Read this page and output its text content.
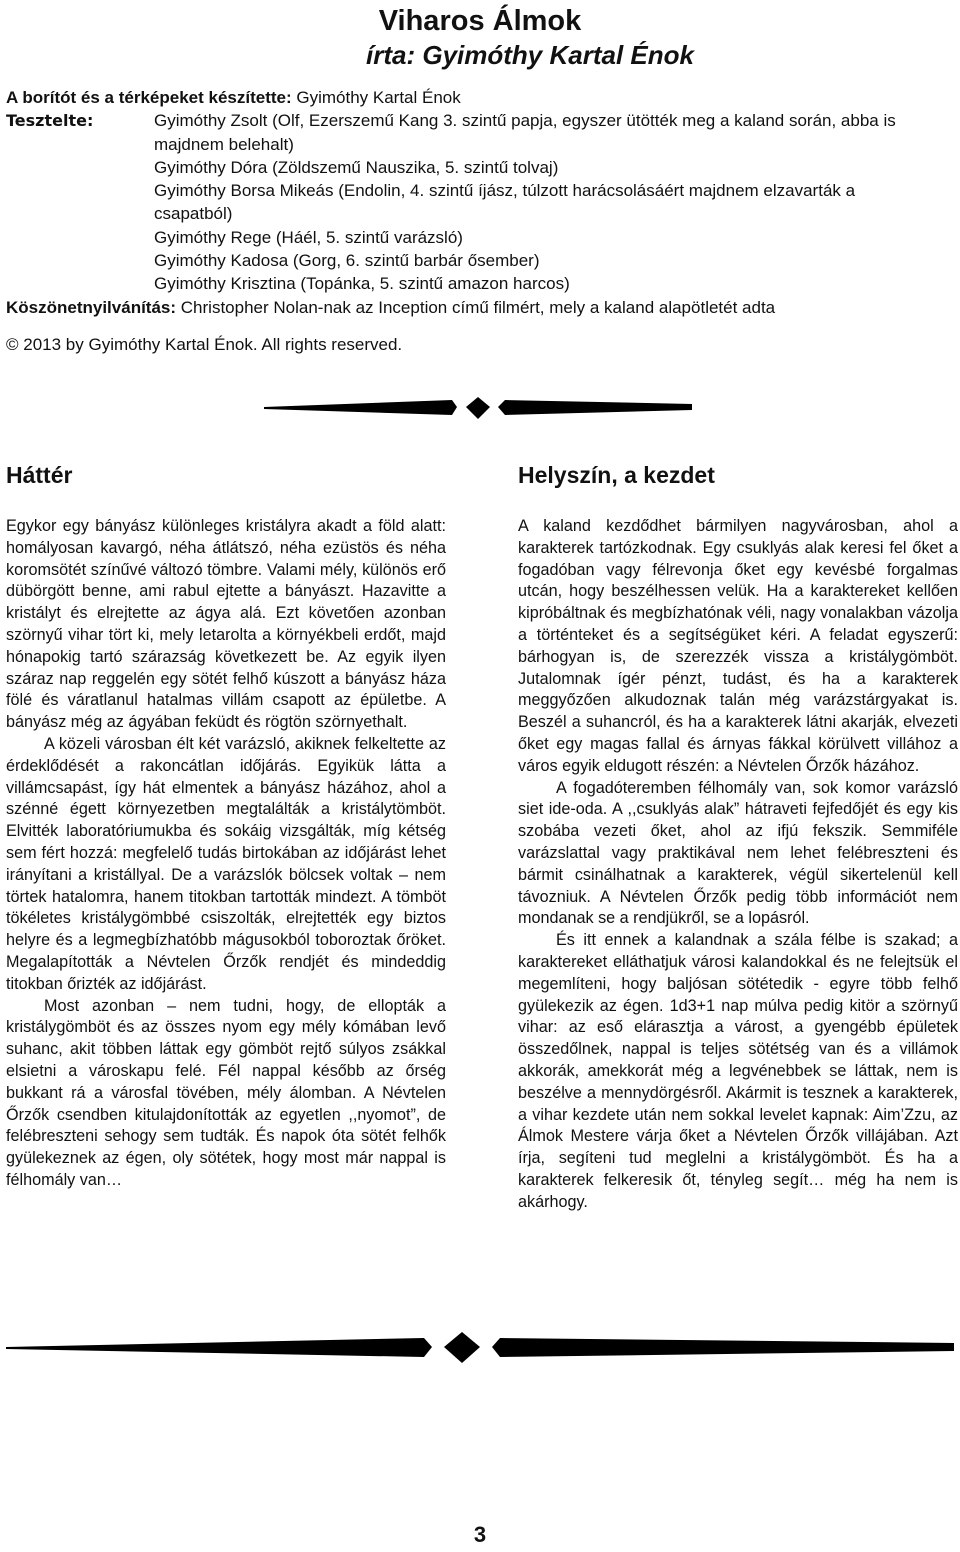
Viharos Álmok
írta: Gyimóthy Kartal Énok
A borítót és a térképeket készítette: Gyimóthy Kartal Énok
Tesztelte:	Gyimóthy Zsolt (Olf, Ezerszemű Kang 3. szintű papja, egyszer ütötték meg a kaland során, abba is majdnem belehalt)
Gyimóthy Dóra (Zöldszemű Nauszika, 5. szintű tolvaj)
Gyimóthy Borsa Mikeás (Endolin, 4. szintű íjász, túlzott harácsolásáért majdnem elzavarták a csapatból)
Gyimóthy Rege (Háél, 5. szintű varázsló)
Gyimóthy Kadosa (Gorg, 6. szintű barbár ősember)
Gyimóthy Krisztina (Topánka, 5. szintű amazon harcos)
Köszönetnyilvánítás: Christopher Nolan-nak az Inception című filmért, mely a kaland alapötletét adta
© 2013 by Gyimóthy Kartal Énok. All rights reserved.
Háttér

Egykor egy bányász különleges kristályra akadt a föld alatt: homályosan kavargó, néha átlátszó, néha ezüstös és néha koromsötét színűvé változó tömbre. Valami mély, különös erő dübörgött benne, ami rabul ejtette a bányászt. Hazavitte a kristályt és elrejtette az ágya alá. Ezt követően azonban szörnyű vihar tört ki, mely letarolta a környékbeli erdőt, majd hónapokig tartó szárazság következett be. Az egyik ilyen száraz nap reggelén egy sötét felhő kúszott a bányász háza fölé és váratlanul hatalmas villám csapott az épületbe. A bányász még az ágyában feküdt és rögtön szörnyethalt.

A közeli városban élt két varázsló, akiknek felkeltette az érdeklődését a rakoncátlan időjárás. Egyikük látta a villámcsapást, így hát elmentek a bányász házához, ahol a szénné égett környezetben megtalálták a kristálytömböt. Elvitték laboratóriumukba és sokáig vizsgálták, míg kétség sem fért hozzá: megfelelő tudás birtokában az időjárást lehet irányítani a kristállyal. De a varázslók bölcsek voltak – nem törtek hatalomra, hanem titokban tartották mindezt. A tömböt tökéletes kristálygömbbé csiszolták, elrejtették egy biztos helyre és a legmegbízhatóbb mágusokból toboroztak őröket. Megalapították a Névtelen Őrzők rendjét és mindeddig titokban őrizték az időjárást.

Most azonban – nem tudni, hogy, de ellopták a kristálygömböt és az összes nyom egy mély kómában levő suhanc, akit többen láttak egy gömböt rejtő súlyos zsákkal elsietni a városkapu felé. Fél nappal később az őrség bukkant rá a városfal tövében, mély álomban. A Névtelen Őrzők csendben kitulajdonították az egyetlen ,,nyomot”, de felébreszteni sehogy sem tudták. És napok óta sötét felhők gyülekeznek az égen, oly sötétek, hogy most már nappal is félhomály van…

Helyszín, a kezdet

A kaland kezdődhet bármilyen nagyvárosban, ahol a karakterek tartózkodnak. Egy csuklyás alak keresi fel őket a fogadóban vagy félrevonja őket egy kevésbé forgalmas utcán, hogy beszélhessen velük. Ha a karaktereket kellően kipróbáltnak és megbízhatónak véli, nagy vonalakban vázolja a történteket és a segítségüket kéri. A feladat egyszerű: bárhogyan is, de szerezzék vissza a kristálygömböt. Jutalomnak ígér pénzt, tudást, és ha a karakterek meggyőzően alkudoznak talán még varázstárgyakat is. Beszél a suhancról, és ha a karakterek látni akarják, elvezeti őket egy magas fallal és árnyas fákkal körülvett villához a város egyik eldugott részén: a Névtelen Őrzők házához.

A fogadóteremben félhomály van, sok komor varázsló siet ide-oda. A ,,csuklyás alak” hátraveti fejfedőjét és egy kis szobába vezeti őket, ahol az ifjú fekszik. Semmiféle varázslattal vagy praktikával nem lehet felébreszteni és bármit csinálhatnak a karakterek, végül sikertelenül kell távozniuk. A Névtelen Őrzők pedig több információt nem mondanak se a rendjükről, se a lopásról.

És itt ennek a kalandnak a szála félbe is szakad; a karaktereket elláthatjuk városi kalandokkal és ne felejtsük el megemlíteni, hogy baljósan sötétedik - egyre több felhő gyülekezik az égen. 1d3+1 nap múlva pedig kitör a szörnyű vihar: az eső elárasztja a várost, a gyengébb épületek összedőlnek, nappal is teljes sötétség van és a villámok akkorák, amekkorát még a legvénebbek se láttak, nem is beszélve a mennydörgésről. Akármit is tesznek a karakterek, a vihar kezdete után nem sokkal levelet kapnak: Aim’Zzu, az Álmok Mestere várja őket a Névtelen Őrzők villájában. Azt írja, segíteni tud meglelni a kristálygömböt. És ha a karakterek felkeresik őt, tényleg segít… még ha nem is akárhogy.

3
